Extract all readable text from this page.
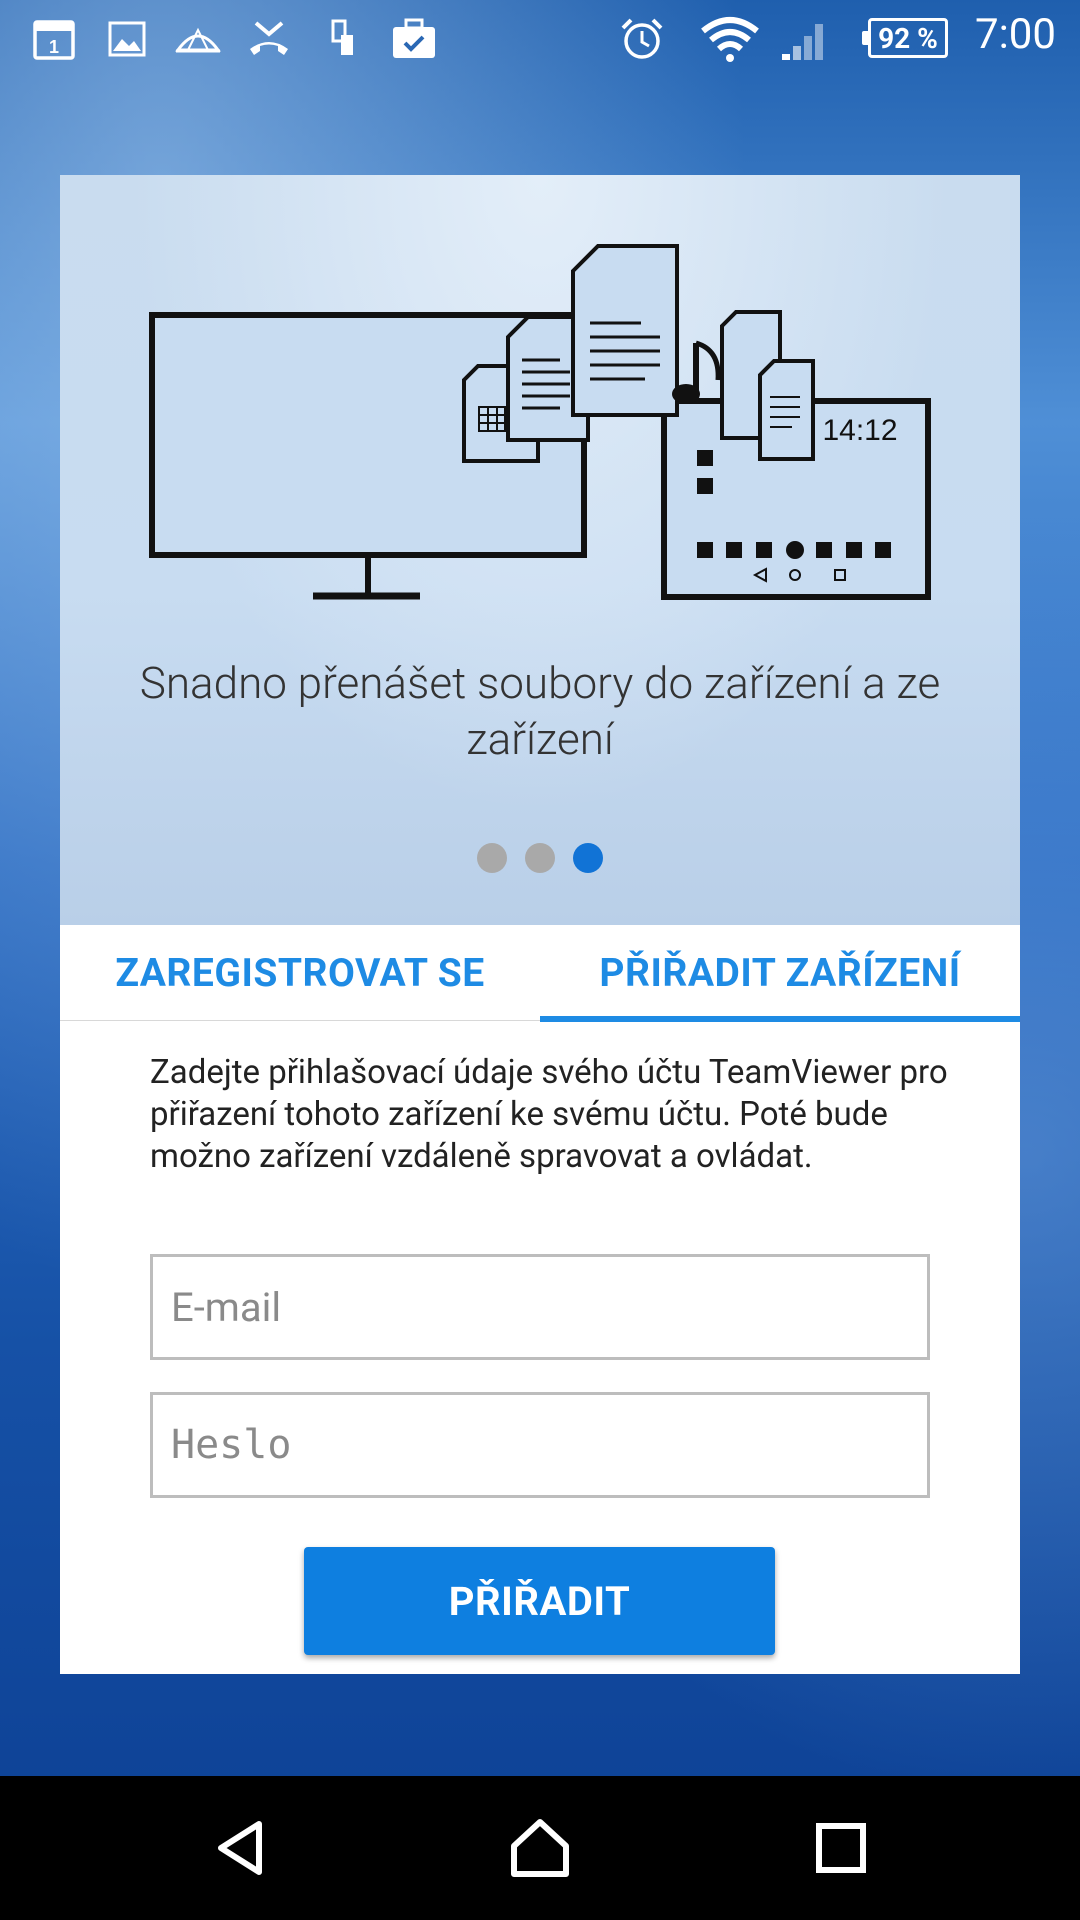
1	92 % 7:00
14:12
Snadno přenášet soubory do zařízení a ze zařízení
ZAREGISTROVAT SE	PŘIŘADIT ZAŘÍZENÍ
Zadejte přihlašovací údaje svého účtu TeamViewer pro přiřazení tohoto zařízení ke svému účtu. Poté bude možno zařízení vzdáleně spravovat a ovládat.
E-mail
Heslo
PŘIŘADIT
